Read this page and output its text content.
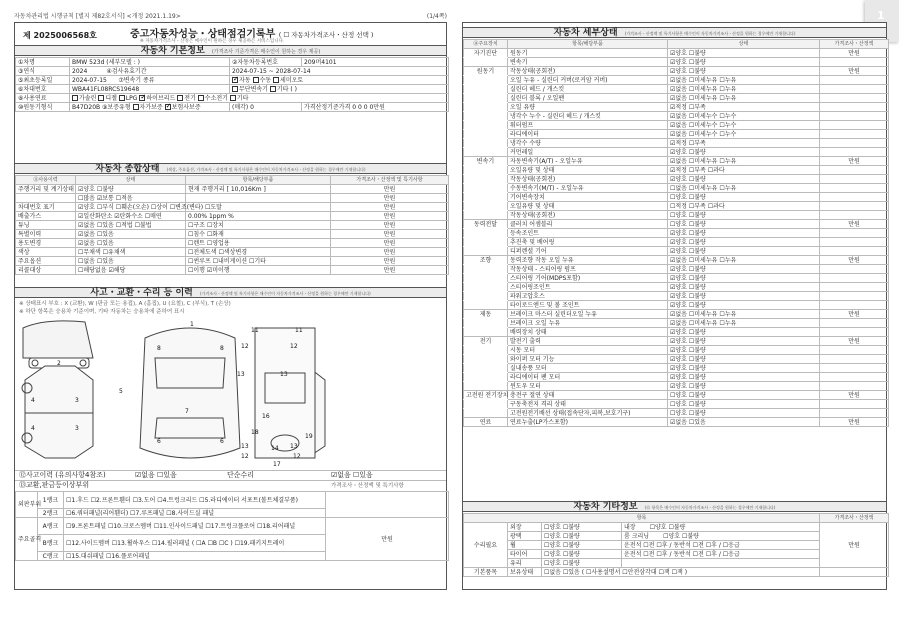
자동차관리법 시행규칙 [별지 제82호서식] <개정 2021.1.19>	(1/4쪽)	1
제 2025006568호	중고자동차성능・상태점검기록부 ( ☐ 자동차가격조사・산정 선택 )
※ 자동차가격조사・산정은 매수인이 원하는 경우 제공하는 서비스입니다.
자동차 기본정보 (가격조사 기준가격은 매수인이 원하는 경우 제공)
①차명	BMW 523d (세부모델 : )	②자동차등록번호	209머4101
③연식	2024 ④검사유효기간	2024-07-15 ~ 2028-07-14	
⑤최초등록일	2024-07-15 ⑦변속기 종류	✓자동 수동 세미오토
⑥차대번호	WBA41FL08RCS19648	무단변속기 기타 ( )	
⑧사용연료	가솔린 디젤 LPG ✓ 하이브리드 전기 수소전기 기타
⑩원동기형식	B47D20B ⑨보증유형 자가보증 ✓ 보험사보증	(매각) 0	가격산정기준가격 0 0 0 0만원
자동차 종합상태 (색상, 주요옵션, 가격조사・산정액 및 특기사항은 매수인이 자동차가격조사・산정을 원하는 경우에만 기재합니다)
⑪사용이력	상태	항목/해당부품	가격조사・산정액 및 특기사항
주행거리 및 계기상태	☑양호 ☐불량	현재 주행거리 [ 10,016Km ]	만원
	☐많음 ☑보통 ☐적음		만원
차대번호 표기	☑양호 ☐부식 ☐훼손(오손) ☐상이 ☐변조(변타) ☐도말		만원
배출가스	☑일산화탄소 ☑탄화수소 ☐매연	0.00% 1ppm %	만원
튜닝	☑없음 ☐있음 ☐적법 ☐불법	☐구조 ☐장치	만원
특별이력	☑없음 ☐있음	☐침수 ☐화재	만원
용도변경	☑없음 ☐있음	☐렌트 ☐영업용	만원
색상	☐무채색 ☐유채색	☐전체도색 ☐색상변경	만원
주요옵션	☐없음 ☐있음	☐썬루프 ☐내비게이션 ☐기타	만원
리콜대상	☐해당없음 ☑해당	☐이행 ☑미이행	만원
사고・교환・수리 등 이력 (가격조사・산정액 및 특기사항은 매수인이 자동차가격조사・산정을 원하는 경우에만 기재합니다)
※ 상태표시 부호 : X (교환), W (판금 또는 용접), A (흠집), U (요철), C (부식), T (손상)
※ 하단 항목은 승용차 기준이며, 기타 자동차는 승용차에 준하여 표시
11	11
12	12
13	13
16
13	13
12
17
12
14
18
19
2
4	3
4	3
8	8
7
6	6
1
5
⑫사고이력 (유의사항4참조)	☑없음 ☐있음	단순수리	☑없음 ☐있음
⑬교환,판금등이상부위	가격조사・산정액 및 특기사항
외판부위	1랭크	☐1.후드 ☐2.프론트휀더 ☐3.도어 ☐4.트렁크리드 ☐5.라디에이터 서포트(볼트체결부품)	
	2랭크	☐6.쿼터패널(리어휀더) ☐7.루프패널 ☐8.사이드실 패널	
주요골격	A랭크	☐9.프론트패널 ☐10.크로스멤버 ☐11.인사이드패널 ☐17.트렁크플로어 ☐18.리어패널	만원
	B랭크	☐12.사이드멤버 ☐13.휠하우스 ☐14.필러패널 ( ☐A ☐B ☐C ) ☐19.패키지트레이	
	C랭크	☐15.대쉬패널 ☐16.플로어패널	
자동차 세부상태 (가격조사・산정액 및 특기사항은 매수인이 자동차가격조사・산정을 원하는 경우에만 기재합니다)
⑭주요장치	항목/해당부품	상태	가격조사・산정액
자기진단	원동기	☑양호 ☐불량	만원
	변속기	☑양호 ☐불량	
원동기	작동상태(공회전)	☑양호 ☐불량	만원
	오일 누유 - 실린더 커버(로커암 커버)	☑없음 ☐미세누유 ☐누유	
	실린더 헤드 / 개스킷	☑없음 ☐미세누유 ☐누유	
	실린더 블록 / 오일팬	☑없음 ☐미세누유 ☐누유	
	오일 유량	☑적정 ☐부족	
	냉각수 누수 - 실린더 헤드 / 개스킷	☑없음 ☐미세누수 ☐누수	
	워터펌프	☑없음 ☐미세누수 ☐누수	
	라디에이터	☑없음 ☐미세누수 ☐누수	
	냉각수 수량	☑적정 ☐부족	
	커먼레일	☑양호 ☐불량	
변속기	자동변속기(A/T) - 오일누유	☑없음 ☐미세누유 ☐누유	만원
	오일유량 및 상태	☑적정 ☐부족 ☐과다	
	작동상태(공회전)	☑양호 ☐불량	
	수동변속기(M/T) - 오일누유	☐없음 ☐미세누유 ☐누유	
	기어변속장치	☐양호 ☐불량	
	오일유량 및 상태	☐적정 ☐부족 ☐과다	
	작동상태(공회전)	☐양호 ☐불량	
동력전달	클러치 어셈블리	☐양호 ☐불량	만원
	등속조인트	☑양호 ☐불량	
	추진축 및 베어링	☑양호 ☐불량	
	디퍼렌셜 기어	☑양호 ☐불량	
조향	동력조향 작동 오일 누유	☑없음 ☐미세누유 ☐누유	만원
	작동상태 - 스티어링 펌프	☑양호 ☐불량	
	스티어링 기어(MDPS포함)	☑양호 ☐불량	
	스티어링조인트	☑양호 ☐불량	
	파워고압호스	☑양호 ☐불량	
	타이로드엔드 및 볼 조인트	☑양호 ☐불량	
제동	브레이크 마스터 실린더오일 누유	☑없음 ☐미세누유 ☐누유	만원
	브레이크 오일 누유	☑없음 ☐미세누유 ☐누유	
	배력장치 상태	☑양호 ☐불량	
전기	발전기 출력	☑양호 ☐불량	만원
	시동 모터	☑양호 ☐불량	
	와이퍼 모터 기능	☑양호 ☐불량	
	실내송풍 모터	☑양호 ☐불량	
	라디에이터 팬 모터	☑양호 ☐불량	
	윈도우 모터	☑양호 ☐불량	
고전원 전기장치	충전구 절연 상태	☐양호 ☐불량	만원
	구동축전지 격리 상태	☐양호 ☐불량	
	고전원전기배선 상태(접속단자,피복,보호기구)	☐양호 ☐불량	
연료	연료누출(LP가스포함)	☑없음 ☐있음	만원
자동차 기타정보 (⑮ 항목은 매수인이 자동차가격조사・산정을 원하는 경우에만 기재합니다)
항목				가격조사・산정액
수리필요	외장	☐양호 ☐불량	내장 ☐양호 ☐불량	만원
	광택	☐양호 ☐불량	룸 크리닝 ☐양호 ☐불량	
	휠	☐양호 ☐불량	운전석 ☐전 ☐후 / 동반석 ☐전 ☐후 / ☐응급	
	타이어	☐양호 ☐불량	운전석 ☐전 ☐후 / 동반석 ☐전 ☐후 / ☐응급	
	유리	☐양호 ☐불량		
기본품목	보유상태	☐없음 ☐있음 ( ☐사용설명서 ☐안전삼각대 ☐잭 ☐잭 )		
